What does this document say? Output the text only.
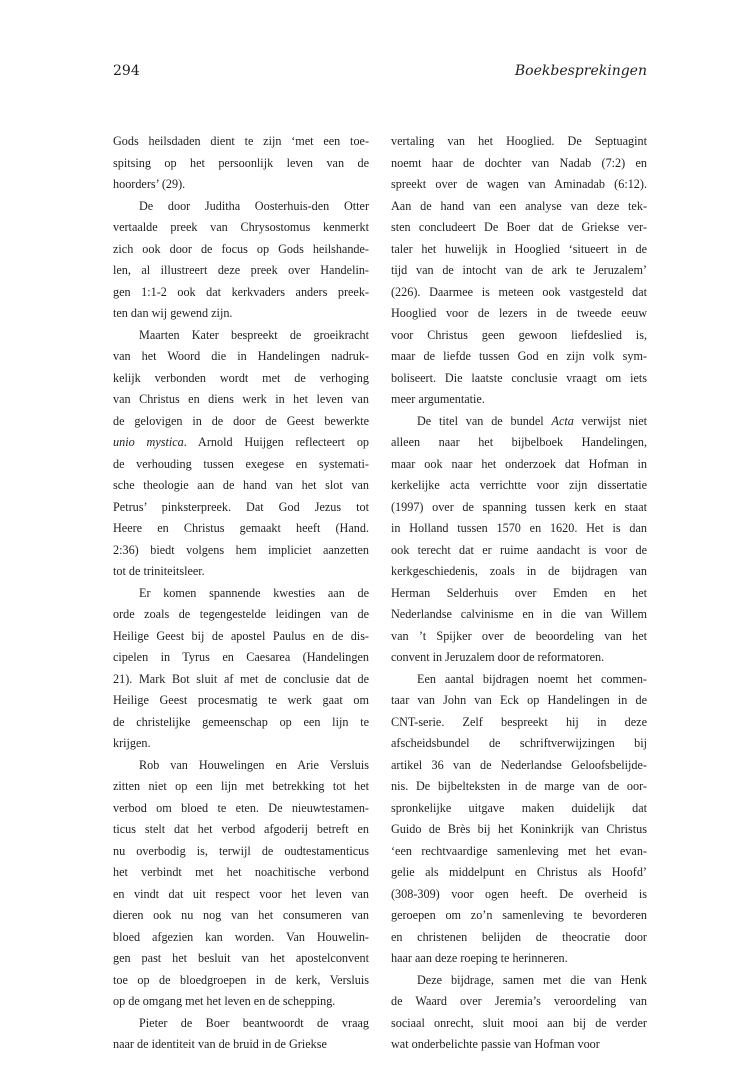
294	Boekbesprekingen

Gods heilsdaden dient te zijn ‘met een toe-
spitsing op het persoonlijk leven van de
hoorders’ (29).

De door Juditha Oosterhuis-den Otter
vertaalde preek van Chrysostomus kenmerkt
zich ook door de focus op Gods heilshande-
len, al illustreert deze preek over Handelin-
gen 1:1-2 ook dat kerkvaders anders preek-
ten dan wij gewend zijn.

Maarten Kater bespreekt de groeikracht
van het Woord die in Handelingen nadruk-
kelijk verbonden wordt met de verhoging
van Christus en diens werk in het leven van
de gelovigen in de door de Geest bewerkte
unio mystica. Arnold Huijgen reflecteert op
de verhouding tussen exegese en systemati-
sche theologie aan de hand van het slot van
Petrus’ pinksterpreek. Dat God Jezus tot
Heere en Christus gemaakt heeft (Hand.
2:36) biedt volgens hem impliciet aanzetten
tot de triniteitsleer.

Er komen spannende kwesties aan de
orde zoals de tegengestelde leidingen van de
Heilige Geest bij de apostel Paulus en de dis-
cipelen in Tyrus en Caesarea (Handelingen
21). Mark Bot sluit af met de conclusie dat de
Heilige Geest procesmatig te werk gaat om
de christelijke gemeenschap op een lijn te
krijgen.

Rob van Houwelingen en Arie Versluis
zitten niet op een lijn met betrekking tot het
verbod om bloed te eten. De nieuwtestamen-
ticus stelt dat het verbod afgoderij betreft en
nu overbodig is, terwijl de oudtestamenticus
het verbindt met het noachitische verbond
en vindt dat uit respect voor het leven van
dieren ook nu nog van het consumeren van
bloed afgezien kan worden. Van Houwelin-
gen past het besluit van het apostelconvent
toe op de bloedgroepen in de kerk, Versluis
op de omgang met het leven en de schepping.

Pieter de Boer beantwoordt de vraag
naar de identiteit van de bruid in de Griekse

vertaling van het Hooglied. De Septuagint
noemt haar de dochter van Nadab (7:2) en
spreekt over de wagen van Aminadab (6:12).
Aan de hand van een analyse van deze tek-
sten concludeert De Boer dat de Griekse ver-
taler het huwelijk in Hooglied ‘situeert in de
tijd van de intocht van de ark te Jeruzalem’
(226). Daarmee is meteen ook vastgesteld dat
Hooglied voor de lezers in de tweede eeuw
voor Christus geen gewoon liefdeslied is,
maar de liefde tussen God en zijn volk sym-
boliseert. Die laatste conclusie vraagt om iets
meer argumentatie.

De titel van de bundel Acta verwijst niet
alleen naar het bijbelboek Handelingen,
maar ook naar het onderzoek dat Hofman in
kerkelijke acta verrichtte voor zijn dissertatie
(1997) over de spanning tussen kerk en staat
in Holland tussen 1570 en 1620. Het is dan
ook terecht dat er ruime aandacht is voor de
kerkgeschiedenis, zoals in de bijdragen van
Herman Selderhuis over Emden en het
Nederlandse calvinisme en in die van Willem
van ’t Spijker over de beoordeling van het
convent in Jeruzalem door de reformatoren.

Een aantal bijdragen noemt het commen-
taar van John van Eck op Handelingen in de
CNT-serie. Zelf bespreekt hij in deze
afscheidsbundel de schriftverwijzingen bij
artikel 36 van de Nederlandse Geloofsbelijde-
nis. De bijbelteksten in de marge van de oor-
spronkelijke uitgave maken duidelijk dat
Guido de Brès bij het Koninkrijk van Christus
‘een rechtvaardige samenleving met het evan-
gelie als middelpunt en Christus als Hoofd’
(308-309) voor ogen heeft. De overheid is
geroepen om zo’n samenleving te bevorderen
en christenen belijden de theocratie door
haar aan deze roeping te herinneren.

Deze bijdrage, samen met die van Henk
de Waard over Jeremia’s veroordeling van
sociaal onrecht, sluit mooi aan bij de verder
wat onderbelichte passie van Hofman voor
